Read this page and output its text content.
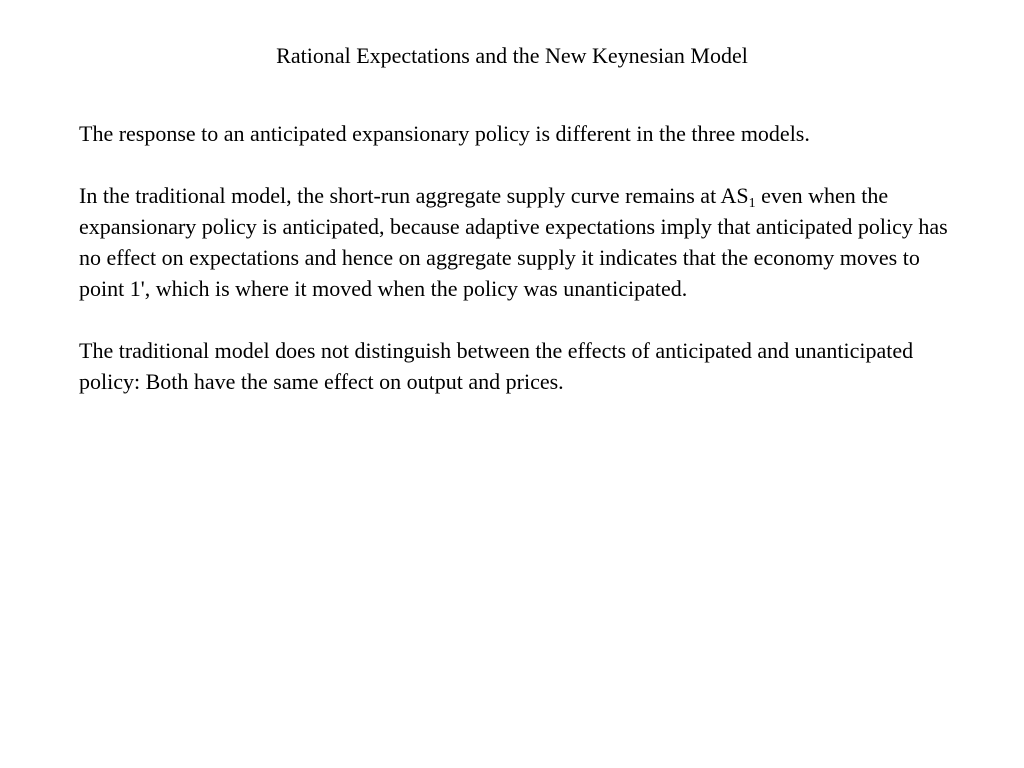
Rational Expectations and the New Keynesian Model

The response to an anticipated expansionary policy is different in the three models.

In the traditional model, the short-run aggregate supply curve remains at $AS_1$ even when the expansionary policy is anticipated, because adaptive expectations imply that anticipated policy has no effect on expectations and hence on aggregate supply it indicates that the economy moves to point 1', which is where it moved when the policy was unanticipated.

The traditional model does not distinguish between the effects of anticipated and unanticipated policy: Both have the same effect on output and prices.
